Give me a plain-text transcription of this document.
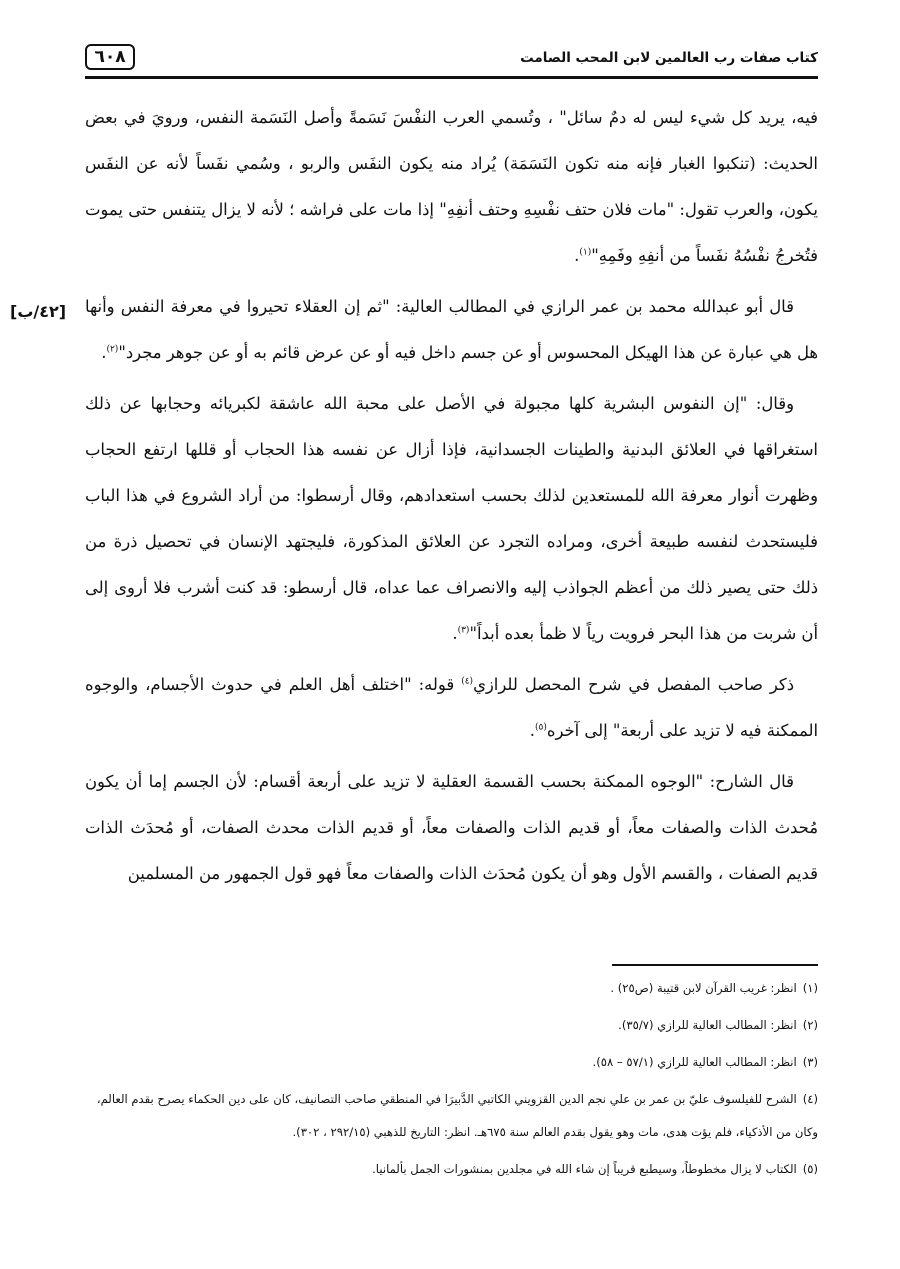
٦٠٨	كتاب صفات رب العالمين لابن المحب الصامت
[٤٢/ب]

فيه، يريد كل شيء ليس له دمٌ سائل" ، وتُسمي العرب النفْسَ نَسَمةً وأصل النَسَمة النفس، ورويَ في بعض الحديث: (تنكبوا الغبار فإنه منه تكون النَسَمَة) يُراد منه يكون النفَس والربو ، وسُمي نفَساً لأنه عن النفَس يكون، والعرب تقول: "مات فلان حتف نفْسِهِ وحتف أنفِهِ" إذا مات على فراشه ؛ لأنه لا يزال يتنفس حتى يموت فتُخرجُ نفْسُهُ نفَساً من أنفِهِ وفَمِهِ"$^{(١)}$.

قال أبو عبدالله محمد بن عمر الرازي في المطالب العالية: "ثم إن العقلاء تحيروا في معرفة النفس وأنها هل هي عبارة عن هذا الهيكل المحسوس أو عن جسم داخل فيه أو عن عرض قائم به أو عن جوهر مجرد"$^{(٢)}$.

وقال: "إن النفوس البشرية كلها مجبولة في الأصل على محبة الله عاشقة لكبريائه وحجابها عن ذلك استغراقها في العلائق البدنية والطينات الجسدانية، فإذا أزال عن نفسه هذا الحجاب أو قللها ارتفع الحجاب وظهرت أنوار معرفة الله للمستعدين لذلك بحسب استعدادهم، وقال أرسطوا: من أراد الشروع في هذا الباب فليستحدث لنفسه طبيعة أخرى، ومراده التجرد عن العلائق المذكورة، فليجتهد الإنسان في تحصيل ذرة من ذلك حتى يصير ذلك من أعظم الجواذب إليه والانصراف عما عداه، قال أرسطو: قد كنت أشرب فلا أروى إلى أن شربت من هذا البحر فرويت رياً لا ظمأ بعده أبداً"$^{(٣)}$.

ذكر صاحب المفصل في شرح المحصل للرازي$^{(٤)}$ قوله: "اختلف أهل العلم في حدوث الأجسام، والوجوه الممكنة فيه لا تزيد على أربعة" إلى آخره$^{(٥)}$.

قال الشارح: "الوجوه الممكنة بحسب القسمة العقلية لا تزيد على أربعة أقسام: لأن الجسم إما أن يكون مُحدث الذات والصفات معاً، أو قديم الذات والصفات معاً، أو قديم الذات محدث الصفات، أو مُحدَث الذات قديم الصفات ، والقسم الأول وهو أن يكون مُحدَث الذات والصفات معاً فهو قول الجمهور من المسلمين

(١)انظر: غريب القرآن لابن قتيبة (ص٢٥) .
(٢)انظر: المطالب العالية للرازي (٣٥/٧).
(٣)انظر: المطالب العالية للرازي (٥٧/١ – ٥٨).
(٤)الشرح للفيلسوف عليّ بن عمر بن علي نجم الدين القزويني الكاتبي الدَّبيرَا في المنطقي صاحب التصانيف، كان على دين الحكماء يصرح بقدم العالم، وكان من الأذكياء، فلم يؤت هدى، مات وهو يقول بقدم العالم سنة ٦٧٥هـ. انظر: التاريخ للذهبي (٢٩٢/١٥ ، ٣٠٢).
(٥)الكتاب لا يزال مخطوطاً، وسيطبع قريباً إن شاء الله في مجلدين بمنشورات الجمل بألمانيا.
